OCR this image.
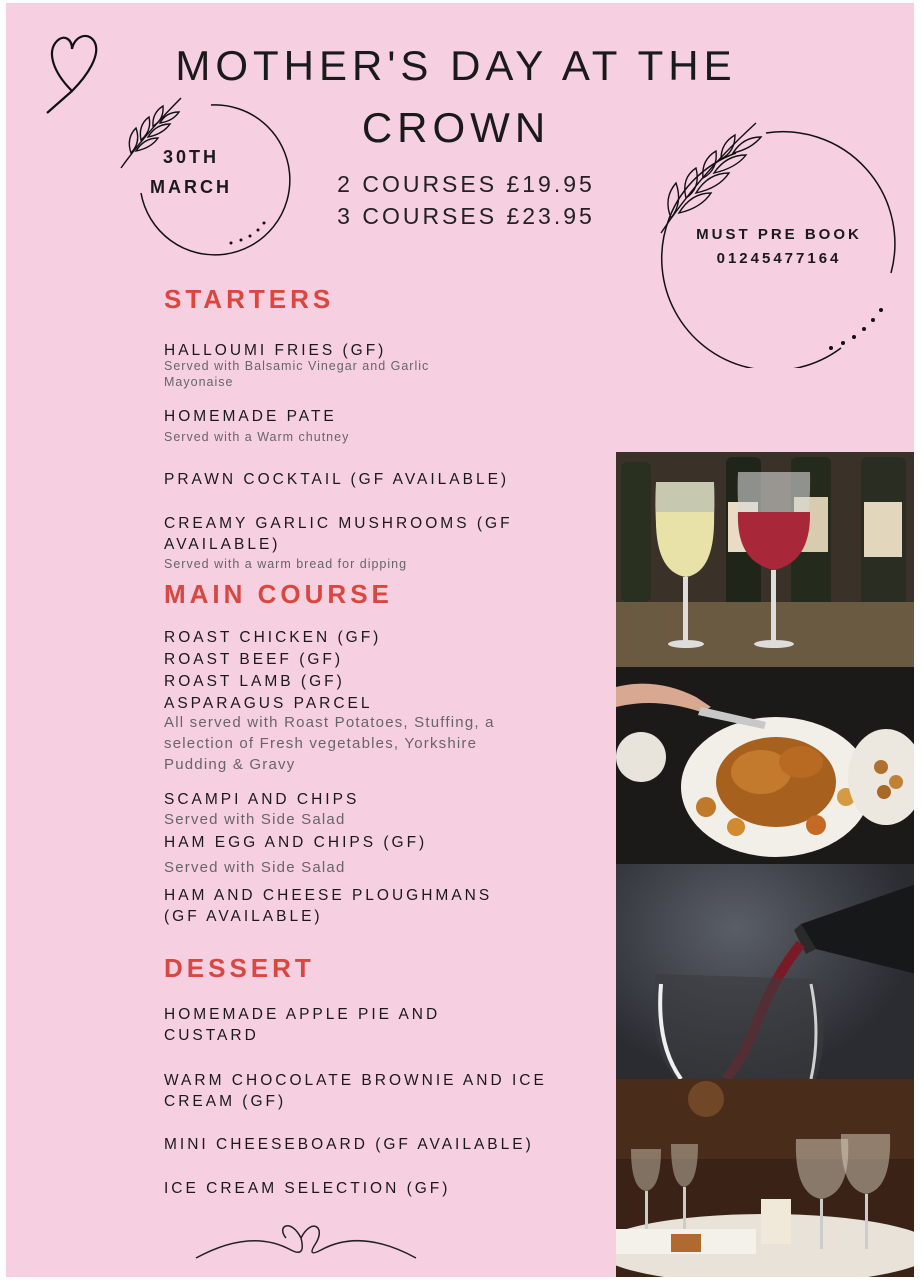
MOTHER'S DAY AT THE
CROWN
30TH
MARCH	2 COURSES £19.95
3 COURSES £23.95
MUST PRE BOOK
01245477164
STARTERS
HALLOUMI FRIES (GF)
Served with Balsamic Vinegar and Garlic Mayonaise
HOMEMADE PATE
Served with a Warm chutney
PRAWN COCKTAIL (GF AVAILABLE)
CREAMY GARLIC MUSHROOMS (GF AVAILABLE)
Served with a warm bread for dipping
MAIN COURSE
ROAST CHICKEN (GF)
ROAST BEEF (GF)
ROAST LAMB (GF)
ASPARAGUS PARCEL
All served with Roast Potatoes, Stuffing, a selection of Fresh vegetables, Yorkshire Pudding & Gravy
SCAMPI AND CHIPS
Served with Side Salad
HAM EGG AND CHIPS (GF)
Served with Side Salad
HAM AND CHEESE PLOUGHMANS (GF AVAILABLE)
DESSERT
HOMEMADE APPLE PIE AND CUSTARD
WARM CHOCOLATE BROWNIE AND ICE CREAM (GF)
MINI CHEESEBOARD (GF AVAILABLE)
ICE CREAM SELECTION (GF)
